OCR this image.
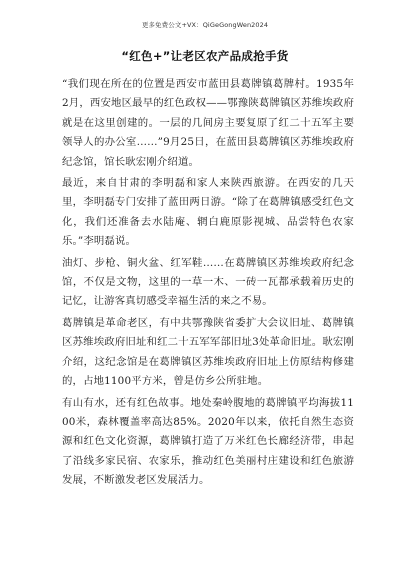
更多免费公文+VX：QiGeGongWen2024
“红色+”让老区农产品成抢手货

“我们现在所在的位置是西安市蓝田县葛牌镇葛牌村。1935年2月，西安地区最早的红色政权——鄂豫陕葛牌镇区苏维埃政府就是在这里创建的。一层的几间房主要复原了红二十五军主要领导人的办公室……”9月25日，在蓝田县葛牌镇区苏维埃政府纪念馆，馆长耿宏刚介绍道。

最近，来自甘肃的李明磊和家人来陕西旅游。在西安的几天里，李明磊专门安排了蓝田两日游。“除了在葛牌镇感受红色文化，我们还准备去水陆庵、辋白鹿原影视城、品尝特色农家乐。”李明磊说。

油灯、步枪、铜火盆、红军鞋……在葛牌镇区苏维埃政府纪念馆，不仅是文物，这里的一草一木、一砖一瓦都承载着历史的记忆，让游客真切感受幸福生活的来之不易。

葛牌镇是革命老区，有中共鄂豫陕省委扩大会议旧址、葛牌镇区苏维埃政府旧址和红二十五军军部旧址3处革命旧址。耿宏刚介绍，这纪念馆是在葛牌镇区苏维埃政府旧址上仿原结构修建的，占地1100平方米，曾是仿乡公所驻地。

有山有水，还有红色故事。地处秦岭腹地的葛牌镇平均海拔1100米，森林覆盖率高达85%。2020年以来，依托自然生态资源和红色文化资源，葛牌镇打造了万米红色长廊经济带，串起了沿线多家民宿、农家乐，推动红色美丽村庄建设和红色旅游发展，不断激发老区发展活力。
